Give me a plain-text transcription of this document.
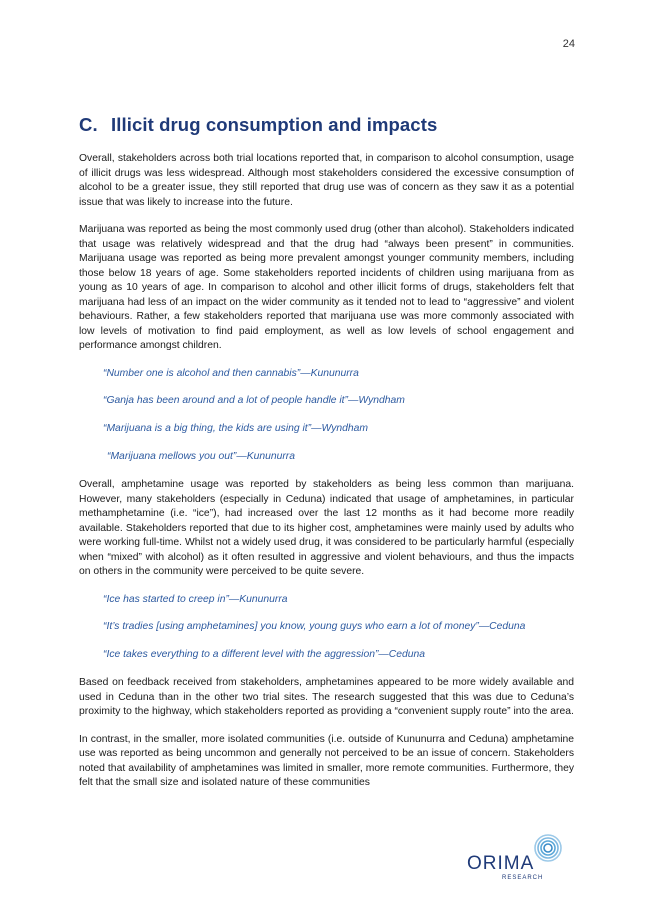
24
C. Illicit drug consumption and impacts

Overall, stakeholders across both trial locations reported that, in comparison to alcohol consumption, usage of illicit drugs was less widespread. Although most stakeholders considered the excessive consumption of alcohol to be a greater issue, they still reported that drug use was of concern as they saw it as a potential issue that was likely to increase into the future.

Marijuana was reported as being the most commonly used drug (other than alcohol). Stakeholders indicated that usage was relatively widespread and that the drug had “always been present” in communities. Marijuana usage was reported as being more prevalent amongst younger community members, including those below 18 years of age. Some stakeholders reported incidents of children using marijuana from as young as 10 years of age. In comparison to alcohol and other illicit forms of drugs, stakeholders felt that marijuana had less of an impact on the wider community as it tended not to lead to “aggressive” and violent behaviours. Rather, a few stakeholders reported that marijuana use was more commonly associated with low levels of motivation to find paid employment, as well as low levels of school engagement and performance amongst children.

“Number one is alcohol and then cannabis”—Kununurra

“Ganja has been around and a lot of people handle it”—Wyndham

“Marijuana is a big thing, the kids are using it”—Wyndham

“Marijuana mellows you out”—Kununurra

Overall, amphetamine usage was reported by stakeholders as being less common than marijuana. However, many stakeholders (especially in Ceduna) indicated that usage of amphetamines, in particular methamphetamine (i.e. “ice”), had increased over the last 12 months as it had become more readily available. Stakeholders reported that due to its higher cost, amphetamines were mainly used by adults who were working full-time. Whilst not a widely used drug, it was considered to be particularly harmful (especially when “mixed” with alcohol) as it often resulted in aggressive and violent behaviours, and thus the impacts on others in the community were perceived to be quite severe.

“Ice has started to creep in”—Kununurra

“It’s tradies [using amphetamines] you know, young guys who earn a lot of money”—Ceduna

“Ice takes everything to a different level with the aggression”—Ceduna

Based on feedback received from stakeholders, amphetamines appeared to be more widely available and used in Ceduna than in the other two trial sites. The research suggested that this was due to Ceduna’s proximity to the highway, which stakeholders reported as providing a “convenient supply route” into the area.

In contrast, in the smaller, more isolated communities (i.e. outside of Kununurra and Ceduna) amphetamine use was reported as being uncommon and generally not perceived to be an issue of concern. Stakeholders noted that availability of amphetamines was limited in smaller, more remote communities. Furthermore, they felt that the small size and isolated nature of these communities

ORIMA
RESEARCH
